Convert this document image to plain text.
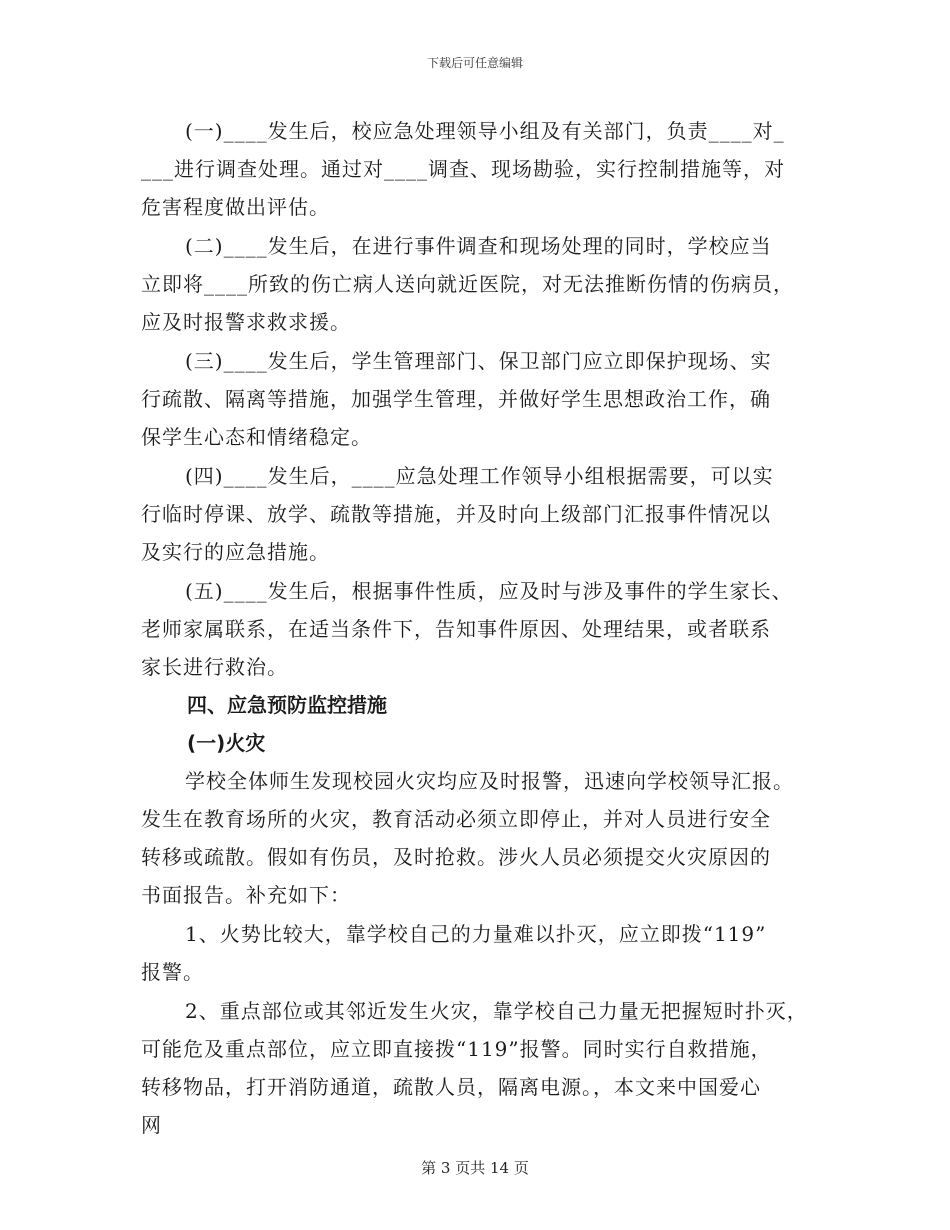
下载后可任意编辑

(一)____发生后，校应急处理领导小组及有关部门，负责____对_

___进行调查处理。通过对____调查、现场勘验，实行控制措施等，对

危害程度做出评估。

(二)____发生后，在进行事件调查和现场处理的同时，学校应当

立即将____所致的伤亡病人送向就近医院，对无法推断伤情的伤病员，

应及时报警求救求援。

(三)____发生后，学生管理部门、保卫部门应立即保护现场、实

行疏散、隔离等措施，加强学生管理，并做好学生思想政治工作，确

保学生心态和情绪稳定。

(四)____发生后，____应急处理工作领导小组根据需要，可以实

行临时停课、放学、疏散等措施，并及时向上级部门汇报事件情况以

及实行的应急措施。

(五)____发生后，根据事件性质，应及时与涉及事件的学生家长、

老师家属联系，在适当条件下，告知事件原因、处理结果，或者联系

家长进行救治。

四、应急预防监控措施

(一)火灾

学校全体师生发现校园火灾均应及时报警，迅速向学校领导汇报。

发生在教育场所的火灾，教育活动必须立即停止，并对人员进行安全

转移或疏散。假如有伤员，及时抢救。涉火人员必须提交火灾原因的

书面报告。补充如下：

1、火势比较大，靠学校自己的力量难以扑灭，应立即拨“119”

报警。

2、重点部位或其邻近发生火灾，靠学校自己力量无把握短时扑灭，

可能危及重点部位，应立即直接拨“119”报警。同时实行自救措施，

转移物品，打开消防通道，疏散人员，隔离电源。，本文来中国爱心

网

第 3 页共 14 页
